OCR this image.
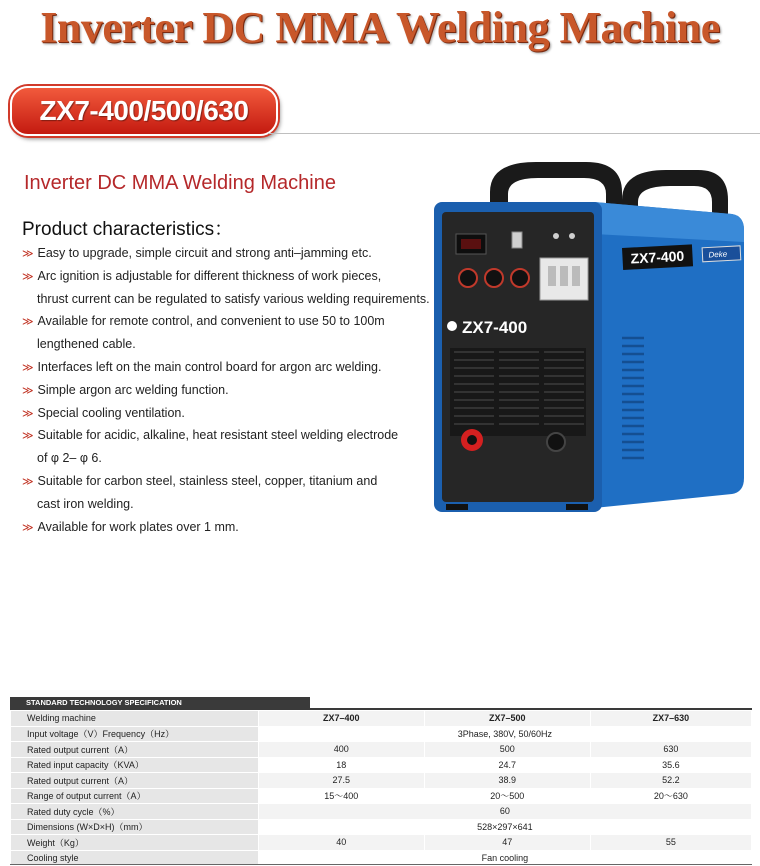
Inverter DC MMA Welding Machine
ZX7-400/500/630
Inverter DC MMA Welding Machine
Product characteristics：
≫ Easy to upgrade, simple circuit and strong anti–jamming etc.
≫ Arc ignition is adjustable for different thickness of work pieces,
thrust current can be regulated to satisfy various welding requirements.
≫ Available for remote control, and convenient to use 50 to 100m
lengthened cable.
≫ Interfaces left on the main control board for argon arc welding.
≫ Simple argon arc welding function.
≫ Special cooling ventilation.
≫ Suitable for acidic, alkaline, heat resistant steel welding electrode
of φ 2– φ 6.
≫ Suitable for carbon steel, stainless steel, copper, titanium and
cast iron welding.
≫ Available for work plates over 1 mm.
ZX7-400
ZX7-400	Deke
STANDARD TECHNOLOGY SPECIFICATION
Welding machine	ZX7–400	ZX7–500	ZX7–630
Input voltage（V）Frequency（Hz）	3Phase, 380V, 50/60Hz		
Rated output current（A）	400	500	630
Rated input capacity（KVA）	18	24.7	35.6
Rated output current（A）	27.5	38.9	52.2
Range of output current（A）	15～400	20～500	20～630
Rated duty cycle（%）	60		
Dimensions (W×D×H)（mm）	528×297×641		
Weight（Kg）	40	47	55
Cooling style	Fan cooling		
